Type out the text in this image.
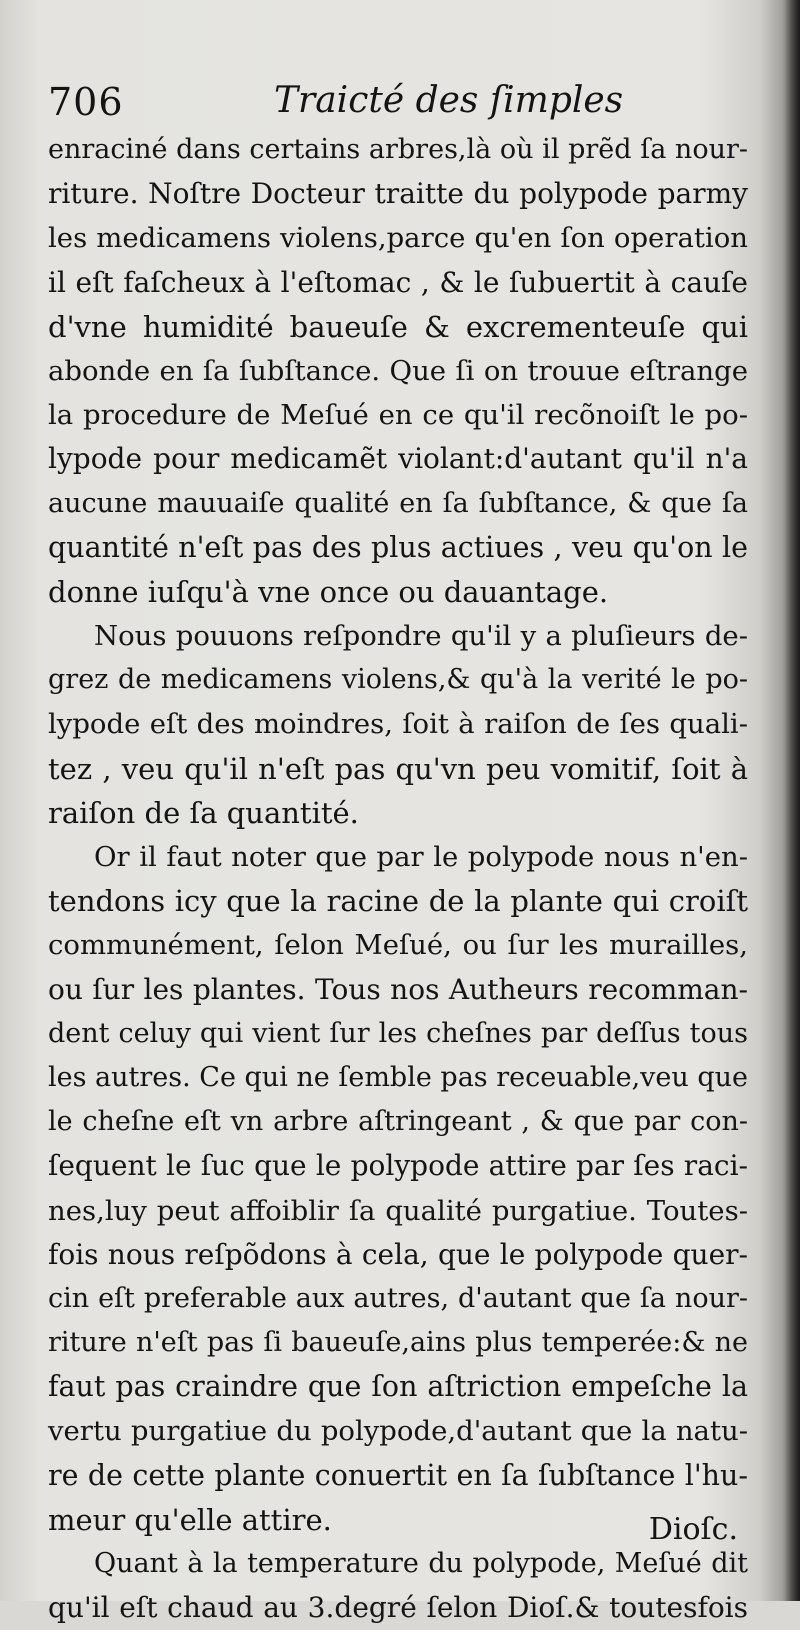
706	Traicté des ſimples
enraciné dans certains arbres,là où il prẽd ſa nour-
riture. Noſtre Docteur traitte du polypode parmy
les medicamens violens,parce qu'en ſon operation
il eſt faſcheux à l'eſtomac , & le ſubuertit à cauſe
d'vne humidité baueuſe & excrementeuſe qui
abonde en ſa ſubſtance. Que ſi on trouue eſtrange
la procedure de Meſué en ce qu'il recõnoiſt le po-
lypode pour medicamẽt violant:d'autant qu'il n'a
aucune mauuaiſe qualité en ſa ſubſtance, & que ſa
quantité n'eſt pas des plus actiues , veu qu'on le
donne iuſqu'à vne once ou dauantage.
Nous pouuons reſpondre qu'il y a pluſieurs de-
grez de medicamens violens,& qu'à la verité le po-
lypode eſt des moindres, ſoit à raiſon de ſes quali-
tez , veu qu'il n'eſt pas qu'vn peu vomitif, ſoit à
raiſon de ſa quantité.
Or il faut noter que par le polypode nous n'en-
tendons icy que la racine de la plante qui croiſt
communément, ſelon Meſué, ou ſur les murailles,
ou ſur les plantes. Tous nos Autheurs recomman-
dent celuy qui vient ſur les cheſnes par deſſus tous
les autres. Ce qui ne ſemble pas receuable,veu que
le cheſne eſt vn arbre aſtringeant , & que par con-
ſequent le ſuc que le polypode attire par ſes raci-
nes,luy peut affoiblir ſa qualité purgatiue. Toutes-
fois nous reſpõdons à cela, que le polypode quer-
cin eſt preferable aux autres, d'autant que ſa nour-
riture n'eſt pas ſi baueuſe,ains plus temperée:& ne
faut pas craindre que ſon aſtriction empeſche la
vertu purgatiue du polypode,d'autant que la natu-
re de cette plante conuertit en ſa ſubſtance l'hu-
meur qu'elle attire.
Quant à la temperature du polypode, Meſué dit
qu'il eſt chaud au 3.degré ſelon Dioſ.& toutesfois
Dioſc.
